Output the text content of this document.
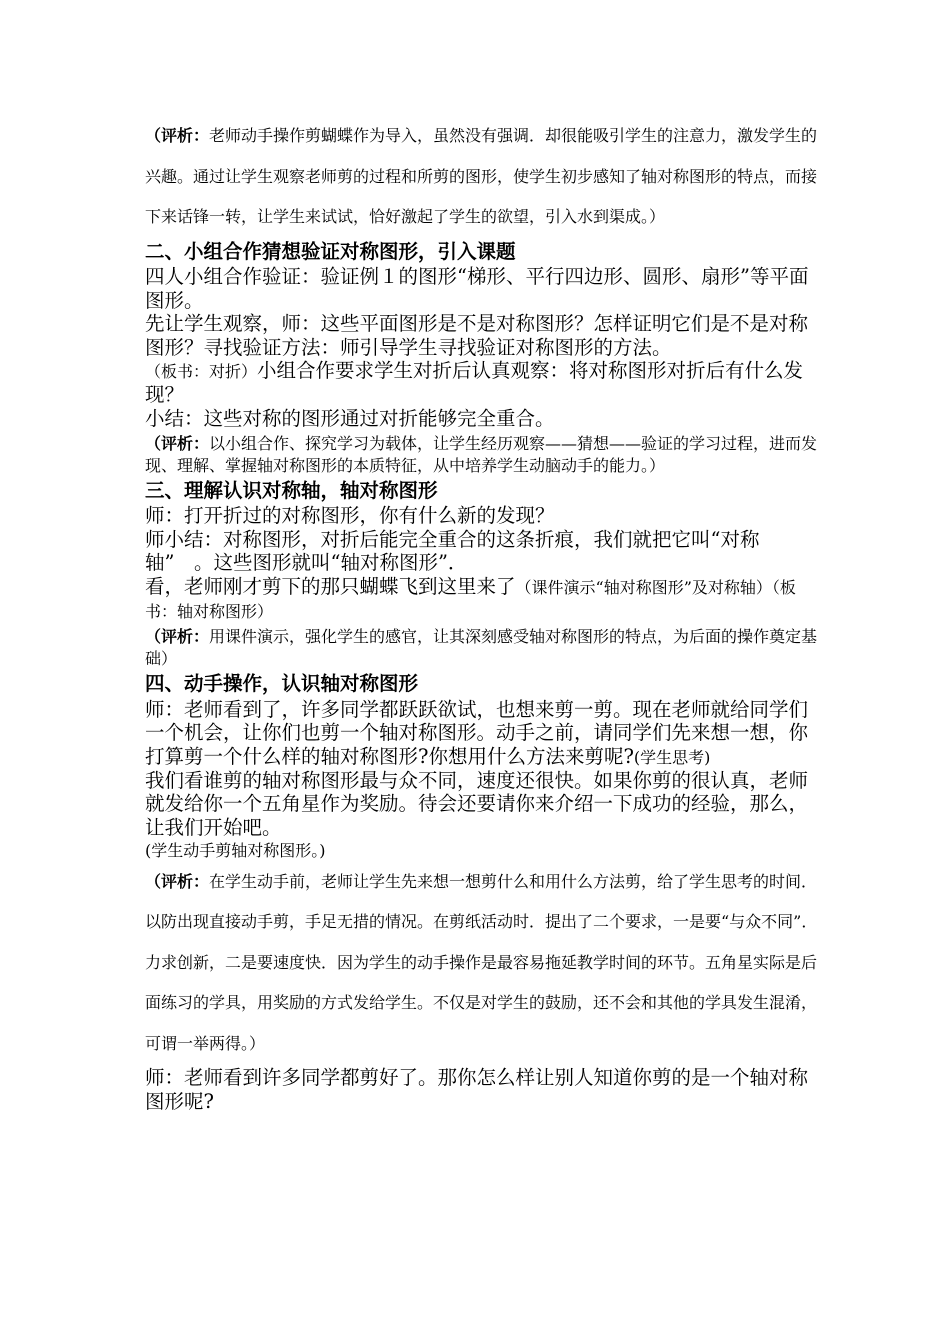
（评析：老师动手操作剪蝴蝶作为导入，虽然没有强调．却很能吸引学生的注意力，激发学生的兴趣。通过让学生观察老师剪的过程和所剪的图形，使学生初步感知了轴对称图形的特点，而接下来话锋一转，让学生来试试，恰好激起了学生的欲望，引入水到渠成。）

二、小组合作猜想验证对称图形，引入课题

四人小组合作验证：验证例１的图形“梯形、平行四边形、圆形、扇形”等平面图形。

先让学生观察，师：这些平面图形是不是对称图形？怎样证明它们是不是对称图形？寻找验证方法：师引导学生寻找验证对称图形的方法。

（板书：对折）小组合作要求学生对折后认真观察：将对称图形对折后有什么发现？

小结：这些对称的图形通过对折能够完全重合。

（评析：以小组合作、探究学习为载体，让学生经历观察——猜想——验证的学习过程，进而发现、理解、掌握轴对称图形的本质特征，从中培养学生动脑动手的能力。）

三、理解认识对称轴，轴对称图形

师：打开折过的对称图形，你有什么新的发现？

师小结：对称图形，对折后能完全重合的这条折痕，我们就把它叫“对称轴”　。这些图形就叫“轴对称图形”．

看，老师刚才剪下的那只蝴蝶飞到这里来了（课件演示“轴对称图形”及对称轴）（板书：轴对称图形）

（评析：用课件演示，强化学生的感官，让其深刻感受轴对称图形的特点，为后面的操作奠定基础）

四、动手操作，认识轴对称图形

师：老师看到了，许多同学都跃跃欲试，也想来剪一剪。现在老师就给同学们一个机会，让你们也剪一个轴对称图形。动手之前，请同学们先来想一想，你打算剪一个什么样的轴对称图形?你想用什么方法来剪呢?(学生思考)

我们看谁剪的轴对称图形最与众不同，速度还很快。如果你剪的很认真，老师就发给你一个五角星作为奖励。待会还要请你来介绍一下成功的经验，那么，让我们开始吧。

(学生动手剪轴对称图形。)

（评析：在学生动手前，老师让学生先来想一想剪什么和用什么方法剪，给了学生思考的时间．以防出现直接动手剪，手足无措的情况。在剪纸活动时．提出了二个要求，一是要“与众不同”．力求创新，二是要速度快．因为学生的动手操作是最容易拖延教学时间的环节。五角星实际是后面练习的学具，用奖励的方式发给学生。不仅是对学生的鼓励，还不会和其他的学具发生混淆，可谓一举两得。）

师：老师看到许多同学都剪好了。那你怎么样让别人知道你剪的是一个轴对称图形呢?
